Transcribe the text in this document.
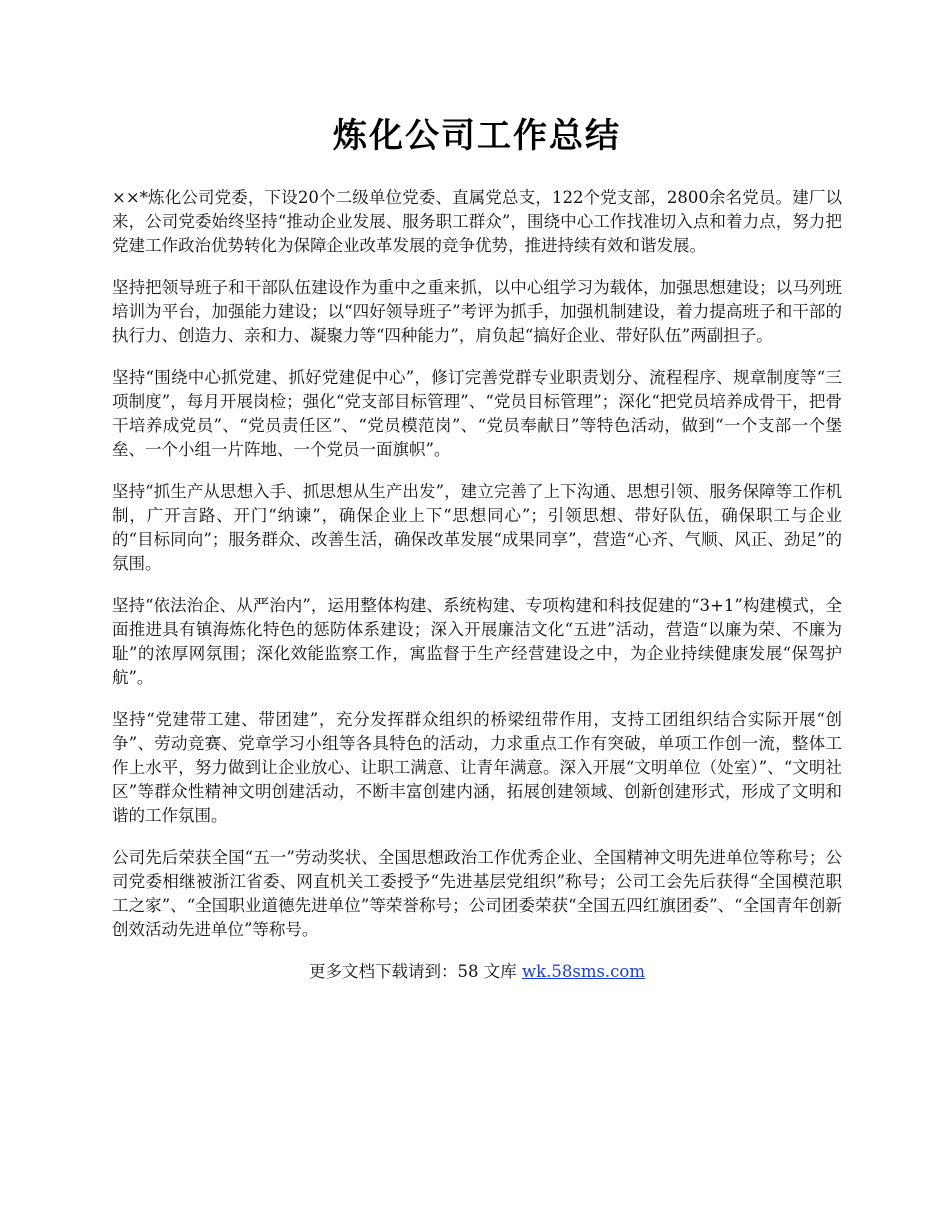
炼化公司工作总结

××*炼化公司党委，下设20个二级单位党委、直属党总支，122个党支部，2800余名党员。建厂以来，公司党委始终坚持“推动企业发展、服务职工群众”，围绕中心工作找准切入点和着力点，努力把党建工作政治优势转化为保障企业改革发展的竞争优势，推进持续有效和谐发展。

坚持把领导班子和干部队伍建设作为重中之重来抓，以中心组学习为载体，加强思想建设；以马列班培训为平台，加强能力建设；以“四好领导班子”考评为抓手，加强机制建设，着力提高班子和干部的执行力、创造力、亲和力、凝聚力等“四种能力”，肩负起“搞好企业、带好队伍”两副担子。

坚持“围绕中心抓党建、抓好党建促中心”，修订完善党群专业职责划分、流程程序、规章制度等“三项制度”，每月开展岗检；强化“党支部目标管理”、“党员目标管理”；深化“把党员培养成骨干，把骨干培养成党员”、“党员责任区”、“党员模范岗”、“党员奉献日”等特色活动，做到“一个支部一个堡垒、一个小组一片阵地、一个党员一面旗帜”。

坚持“抓生产从思想入手、抓思想从生产出发”，建立完善了上下沟通、思想引领、服务保障等工作机制，广开言路、开门“纳谏”，确保企业上下“思想同心”；引领思想、带好队伍，确保职工与企业的“目标同向”；服务群众、改善生活，确保改革发展“成果同享”，营造“心齐、气顺、风正、劲足”的氛围。

坚持“依法治企、从严治内”，运用整体构建、系统构建、专项构建和科技促建的“3+1”构建模式，全面推进具有镇海炼化特色的惩防体系建设；深入开展廉洁文化“五进”活动，营造“以廉为荣、不廉为耻”的浓厚网氛围；深化效能监察工作，寓监督于生产经营建设之中，为企业持续健康发展“保驾护航”。

坚持“党建带工建、带团建”，充分发挥群众组织的桥梁纽带作用，支持工团组织结合实际开展“创争”、劳动竞赛、党章学习小组等各具特色的活动，力求重点工作有突破，单项工作创一流，整体工作上水平，努力做到让企业放心、让职工满意、让青年满意。深入开展“文明单位（处室）”、“文明社区”等群众性精神文明创建活动，不断丰富创建内涵，拓展创建领域、创新创建形式，形成了文明和谐的工作氛围。

公司先后荣获全国“五一”劳动奖状、全国思想政治工作优秀企业、全国精神文明先进单位等称号；公司党委相继被浙江省委、网直机关工委授予“先进基层党组织”称号；公司工会先后获得“全国模范职工之家”、“全国职业道德先进单位”等荣誉称号；公司团委荣获“全国五四红旗团委”、“全国青年创新创效活动先进单位”等称号。

更多文档下载请到：58 文库 wk.58sms.com
